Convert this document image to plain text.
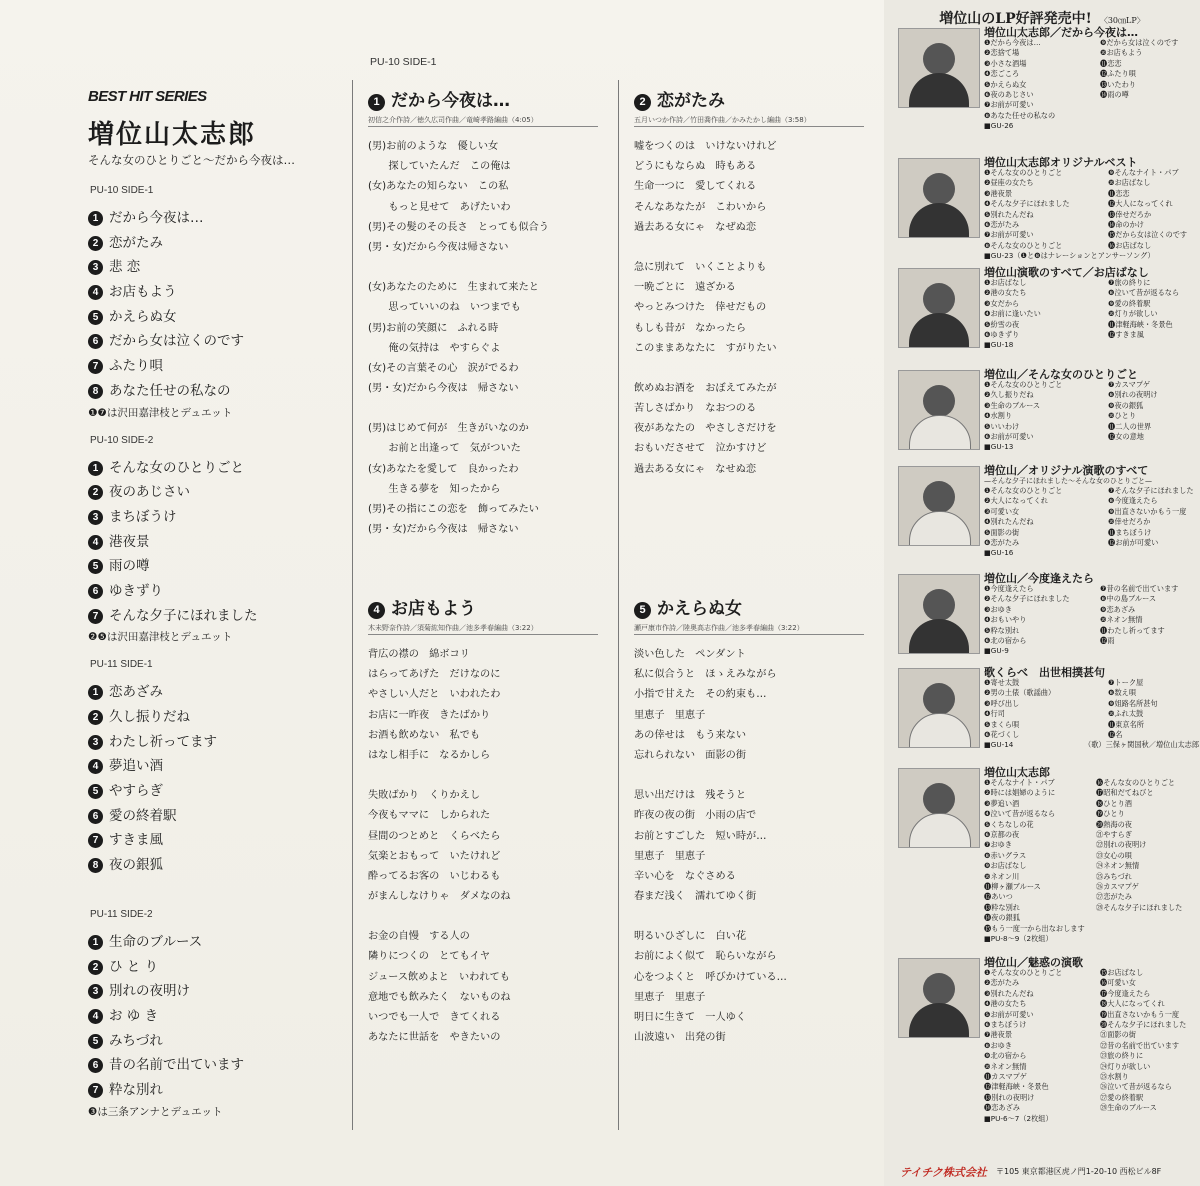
BEST HIT SERIES
増位山太志郎
そんな女のひとりごと～だから今夜は…
PU-10 SIDE-1
PU-10 SIDE-1
1 だから今夜は…
2 恋がたみ
3 悲 恋
4 お店もよう
5 かえらぬ女
6 だから女は泣くのです
7 ふたり唄
8 あなた任せの私なの
❶❼は沢田嘉津枝とデュエット
PU-10 SIDE-2
1 そんな女のひとりごと
2 夜のあじさい
3 まちぼうけ
4 港夜景
5 雨の噂
6 ゆきずり
7 そんな夕子にほれました
❷❺は沢田嘉津枝とデュエット
PU-11 SIDE-1
1 恋あざみ
2 久し振りだね
3 わたし祈ってます
4 夢追い酒
5 やすらぎ
6 愛の終着駅
7 すきま風
8 夜の銀狐
PU-11 SIDE-2
1 生命のブルース
2 ひ と り
3 別れの夜明け
4 お ゆ き
5 みちづれ
6 昔の名前で出ています
7 粋な別れ
❸は三条アンナとデュエット
1 だから今夜は…
初信之介作詩／徳久広司作曲／竜崎孝路編曲（4:05）
(男)お前のような　優しい女
　　探していたんだ　この俺は
(女)あなたの知らない　この私
　　もっと見せて　あげたいわ
(男)その髪のその長さ　とっても似合う
(男・女)だから今夜は帰さない
(女)あなたのために　生まれて来たと
　　思っていいのね　いつまでも
(男)お前の笑顔に　ふれる時
　　俺の気持は　やすらぐよ
(女)その言葉その心　涙がでるわ
(男・女)だから今夜は　帰さない
(男)はじめて何が　生きがいなのか
　　お前と出逢って　気がついた
(女)あなたを愛して　良かったわ
　　生きる夢を　知ったから
(男)その指にこの恋を　飾ってみたい
(男・女)だから今夜は　帰さない
2 恋がたみ
五月いつか作詩／竹田喬作曲／かみたかし編曲（3:58）
嘘をつくのは　いけないけれど
どうにもならぬ　時もある
生命一つに　愛してくれる
そんなあなたが　こわいから
過去ある女にゃ　なぜぬ恋
急に別れて　いくことよりも
一晩ごとに　遠ざかる
やっとみつけた　倖せだもの
もしも昔が　なかったら
このままあなたに　すがりたい
飲めぬお酒を　おぼえてみたが
苦しさばかり　なおつのる
夜があなたの　やさしさだけを
おもいださせて　泣かすけど
過去ある女にゃ　なせぬ恋
4 お店もよう
木未野奈作詩／須菊紘知作曲／池多孝春編曲（3:22）
背広の襟の　綿ボコリ
はらってあげた　だけなのに
やさしい人だと　いわれたわ
お店に一昨夜　きたばかり
お酒も飲めない　私でも
はなし相手に　なるかしら
失敗ばかり　くりかえし
今夜もママに　しかられた
昼間のつとめと　くらべたら
気楽とおもって　いたけれど
酔ってるお客の　いじわるも
がまんしなけりゃ　ダメなのね
お金の自慢　する人の
隣りにつくの　とてもイヤ
ジュース飲めよと　いわれても
意地でも飲みたく　ないものね
いつでも一人で　きてくれる
あなたに世話を　やきたいの
5 かえらぬ女
瀬戸康市作詩／陸奥高志作曲／池多孝春編曲（3:22）
淡い色した　ペンダント
私に似合うと　ほゝえみながら
小指で甘えた　その約束も…
里恵子　里恵子
あの倖せは　もう来ない
忘れられない　面影の街
思い出だけは　残そうと
昨夜の夜の街　小雨の店で
お前とすごした　短い時が…
里恵子　里恵子
辛い心を　なぐさめる
春まだ浅く　濡れてゆく街
明るいひざしに　白い花
お前によく似て　恥らいながら
心をつよくと　呼びかけている…
里恵子　里恵子
明日に生きて　一人ゆく
山波遠い　出発の街
増位山のLP好評発売中! 〈30㎝LP〉
増位山太志郎／だから今夜は…
❶だから今夜は…
❷恋捨て場
❸小さな酒場
❹恋ごころ
❺かえらぬ女
❻夜のあじさい
❼お前が可愛い
❽あなた任せの私なの
❾だから女は泣くのです
❿お店もよう
⓫恋恋
⓬ふたり唄
⓭いたわり
⓮雨の噂
■GU-26
増位山太志郎オリジナルベスト
❶そんな女のひとりごと
❷昼座の女たち
❸港夜景
❹そんな夕子にほれました
❺別れたんだね
❻恋がたみ
❼お前が可愛い
❽そんな女のひとりごと
❾そんなナイト・パブ
❿お店ばなし
⓫恋恋
⓬大人になってくれ
⓭倖せだろか
⓮命のかけ
⓯だから女は泣くのです
⓰お店ばなし
■GU-23（❶と❽はナレーションとアンサーソング）
増位山演歌のすべて／お店ばなし
❶お店ばなし
❷港の女たち
❸女だから
❹お前に逢いたい
❺紛雪の夜
❻ゆきずり
❼旅の終りに
❽泣いて昔が返るなら
❾愛の終着駅
❿灯りが欲しい
⓫津軽海峡・冬景色
⓬すきま風
■GU-18
増位山／そんな女のひとりごと
❶そんな女のひとりごと
❷久し振りだね
❸生命のブルース
❹水割り
❺いいわけ
❻お前が可愛い
❼カスマプゲ
❽別れの夜明け
❾夜の銀狐
❿ひとり
⓫二人の世界
⓬女の意地
■GU-13
増位山／オリジナル演歌のすべて
—そんな夕子にほれました〜そんな女のひとりごと—
❶そんな女のひとりごと
❷大人になってくれ
❸可愛い女
❹別れたんだね
❺面影の街
❻恋がたみ
❼そんな夕子にほれました
❽今度逢えたら
❾出直さないかもう一度
❿倖せだろか
⓫まちぼうけ
⓬お前が可愛い
■GU-16
増位山／今度逢えたら
❶今度逢えたら
❷そんな夕子にほれました
❸おゆき
❹おもいやり
❺粋な別れ
❻北の宿から
❼昔の名前で出ています
❽中の島ブルース
❾恋あざみ
❿ネオン無情
⓫わたし祈ってます
⓬雨
■GU-9
歌くらべ　出世相撲甚句
❶寄せ太鼓
❷男の土俵（歌謡曲）
❸呼び出し
❹行司
❺まくら唄
❻花づくし
❼トーク屋
❽数え唄
❾姐路名所甚句
❿ふれ太鼓
⓫東京名所
⓬名
■GU-14	（歌）三保ヶ関国秋／増位山太志郎
増位山太志郎
❶そんなナイト・パブ
❷時には娼婦のように
❸夢追い酒
❹泣いて昔が返るなら
❺くちなしの花
❻京都の夜
❼おゆき
❽赤いグラス
❾お店ばなし
❿ネオン川
⓫柳ヶ瀬ブルース
⓬あいつ
⓭粋な別れ
⓮夜の銀狐
⓯もう一度一から出なおします
⓰そんな女のひとりごと
⓱昭和だてねびと
⓲ひとり酒
⓳ひとり
⓴熱海の夜
㉑やすらぎ
㉒別れの夜明け
㉓女心の唄
㉔ネオン無情
㉕みちづれ
㉖カスマプゲ
㉗恋がたみ
㉘そんな夕子にほれました
■PU-8〜9（2枚組）
増位山／魅惑の演歌
❶そんな女のひとりごと
❷恋がたみ
❸別れたんだね
❹港の女たち
❺お前が可愛い
❻まちぼうけ
❼港夜景
❽おゆき
❾北の宿から
❿ネオン無情
⓫カスマプゲ
⓬津軽海峡・冬景色
⓭別れの夜明け
⓮恋あざみ
⓯お店ばなし
⓰可愛い女
⓱今度逢えたら
⓲大人になってくれ
⓳出直さないかもう一度
⓴そんな夕子にほれました
㉑面影の街
㉒昔の名前で出ています
㉓旅の終りに
㉔灯りが欲しい
㉕水割り
㉖泣いて昔が返るなら
㉗愛の終着駅
㉘生命のブルース
■PU-6〜7（2枚組）
テイチク株式会社 〒105 東京都港区虎ノ門1-20-10 西松ビル8F
